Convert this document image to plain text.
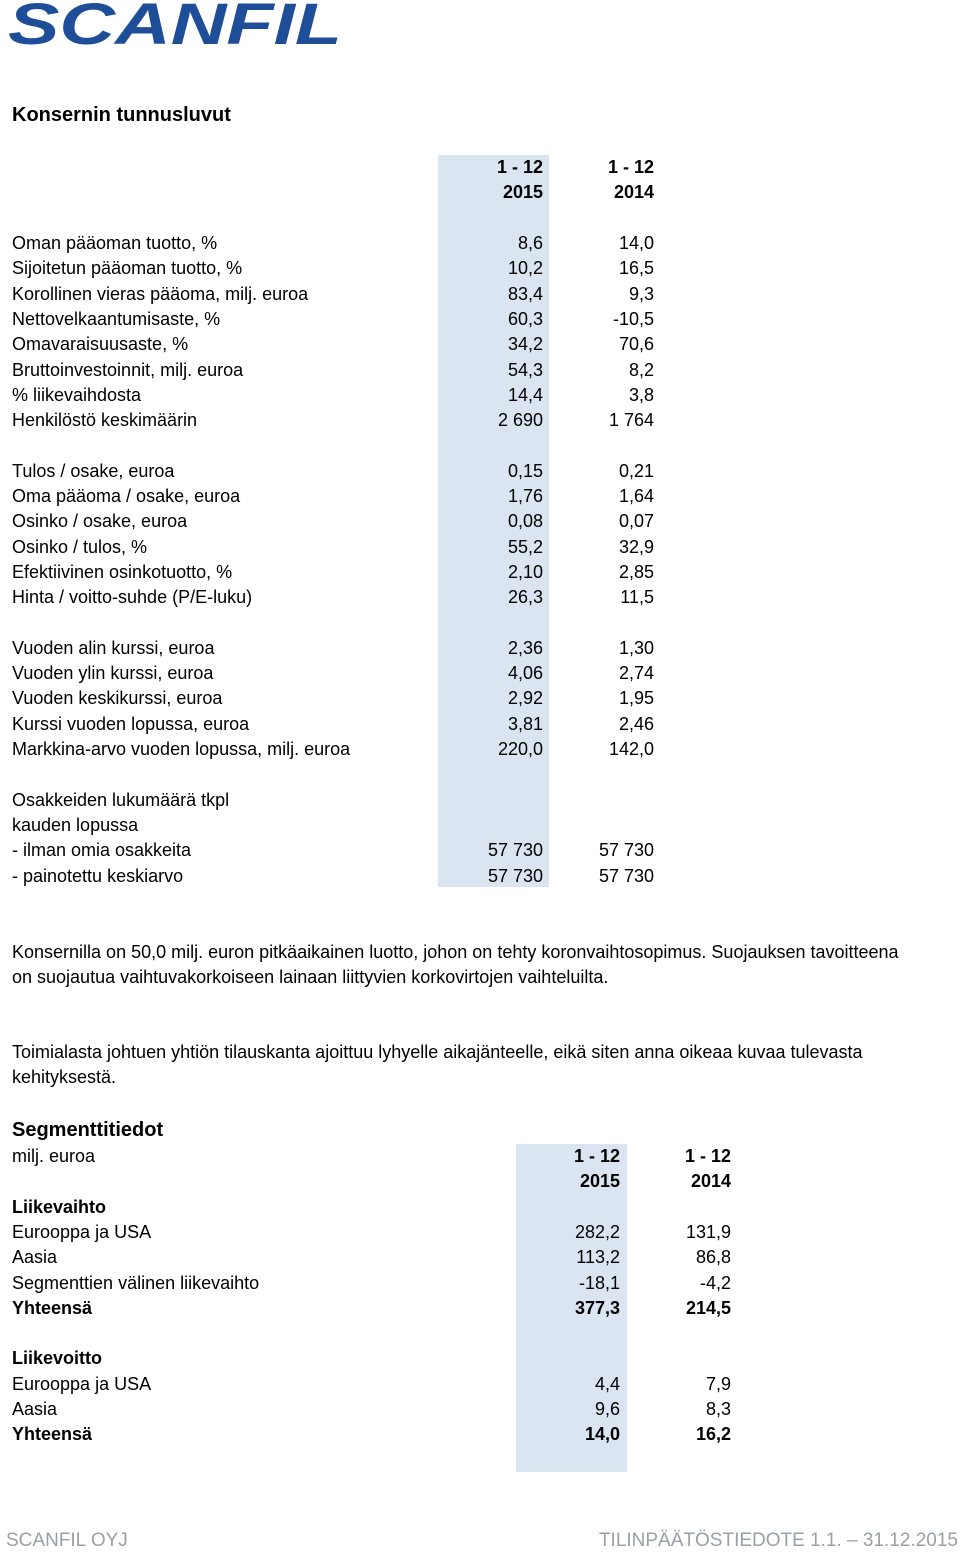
SCANFIL
Konsernin tunnusluvut
1 - 12	1 - 12
2015	2014
Oman pääoman tuotto, %	8,6	14,0
Sijoitetun pääoman tuotto, %	10,2	16,5
Korollinen vieras pääoma, milj. euroa	83,4	9,3
Nettovelkaantumisaste, %	60,3	-10,5
Omavaraisuusaste, %	34,2	70,6
Bruttoinvestoinnit, milj. euroa	54,3	8,2
% liikevaihdosta	14,4	3,8
Henkilöstö keskimäärin	2 690	1 764
Tulos / osake, euroa	0,15	0,21
Oma pääoma / osake, euroa	1,76	1,64
Osinko / osake, euroa	0,08	0,07
Osinko / tulos, %	55,2	32,9
Efektiivinen osinkotuotto, %	2,10	2,85
Hinta / voitto-suhde (P/E-luku)	26,3	11,5
Vuoden alin kurssi, euroa	2,36	1,30
Vuoden ylin kurssi, euroa	4,06	2,74
Vuoden keskikurssi, euroa	2,92	1,95
Kurssi vuoden lopussa, euroa	3,81	2,46
Markkina-arvo vuoden lopussa, milj. euroa	220,0	142,0
Osakkeiden lukumäärä tkpl
kauden lopussa
- ilman omia osakkeita	57 730	57 730
- painotettu keskiarvo	57 730	57 730
Konsernilla on 50,0 milj. euron pitkäaikainen luotto, johon on tehty koronvaihtosopimus. Suojauksen tavoitteena on suojautua vaihtuvakorkoiseen lainaan liittyvien korkovirtojen vaihteluilta.
Toimialasta johtuen yhtiön tilauskanta ajoittuu lyhyelle aikajänteelle, eikä siten anna oikeaa kuvaa tulevasta kehityksestä.
Segmenttitiedot
milj. euroa	1 - 12	1 - 12
2015	2014
Liikevaihto
Eurooppa ja USA	282,2	131,9
Aasia	113,2	86,8
Segmenttien välinen liikevaihto	-18,1	-4,2
Yhteensä	377,3	214,5
Liikevoitto
Eurooppa ja USA	4,4	7,9
Aasia	9,6	8,3
Yhteensä	14,0	16,2
SCANFIL OYJ	TILINPÄÄTÖSTIEDOTE 1.1. – 31.12.2015
